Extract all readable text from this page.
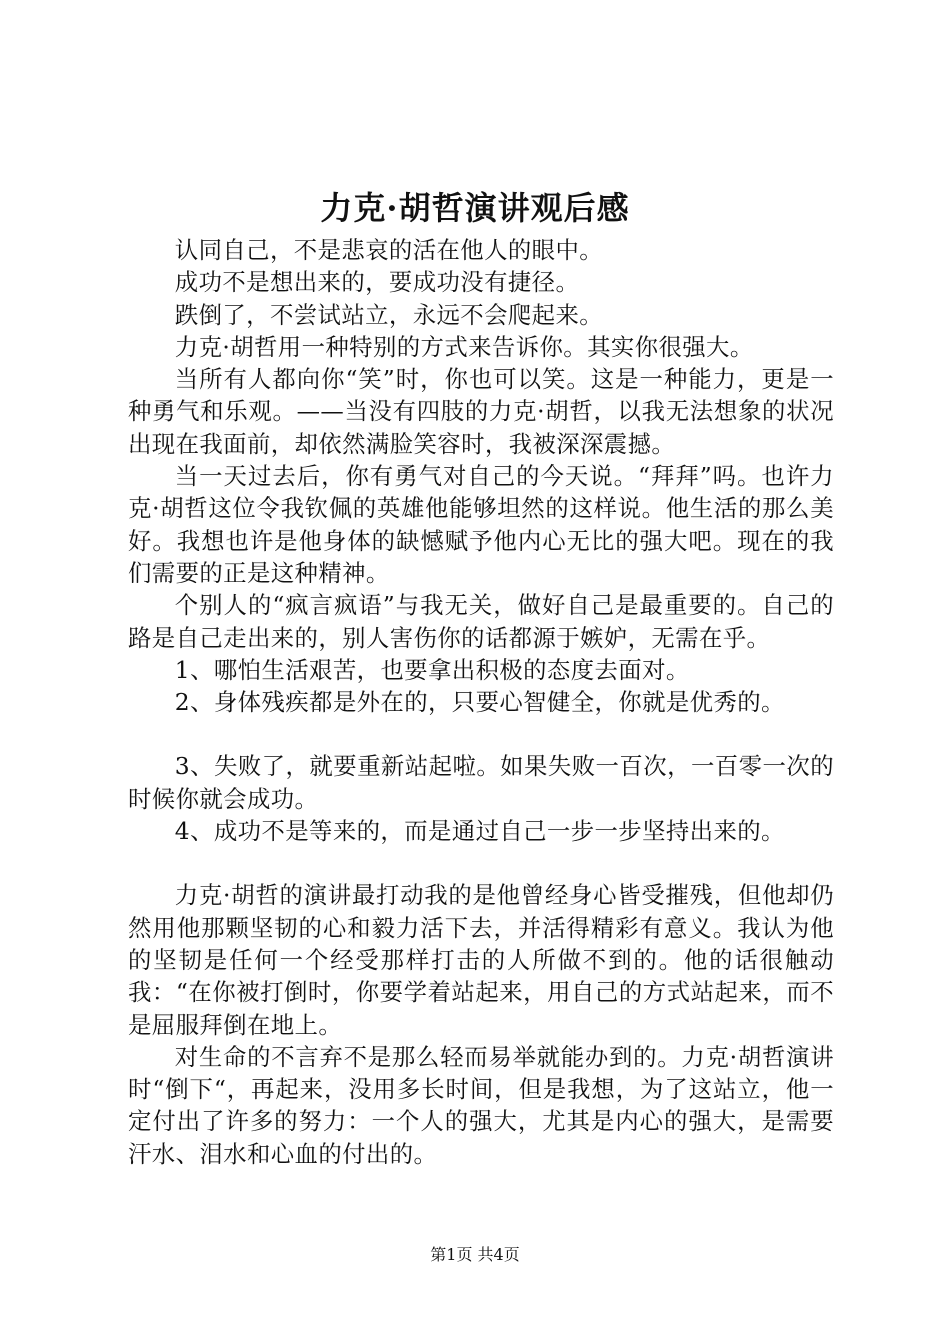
力克·胡哲演讲观后感

认同自己，不是悲哀的活在他人的眼中。

成功不是想出来的，要成功没有捷径。

跌倒了，不尝试站立，永远不会爬起来。

力克·胡哲用一种特别的方式来告诉你。其实你很强大。

当所有人都向你“笑”时，你也可以笑。这是一种能力，更是一种勇气和乐观。——当没有四肢的力克·胡哲，以我无法想象的状况出现在我面前，却依然满脸笑容时，我被深深震撼。

当一天过去后，你有勇气对自己的今天说。“拜拜”吗。也许力克·胡哲这位令我钦佩的英雄他能够坦然的这样说。他生活的那么美好。我想也许是他身体的缺憾赋予他内心无比的强大吧。现在的我们需要的正是这种精神。

个别人的“疯言疯语”与我无关，做好自己是最重要的。自己的路是自己走出来的，别人害伤你的话都源于嫉妒，无需在乎。

1、哪怕生活艰苦，也要拿出积极的态度去面对。

2、身体残疾都是外在的，只要心智健全，你就是优秀的。

3、失败了，就要重新站起啦。如果失败一百次，一百零一次的时候你就会成功。

4、成功不是等来的，而是通过自己一步一步坚持出来的。

力克·胡哲的演讲最打动我的是他曾经身心皆受摧残，但他却仍然用他那颗坚韧的心和毅力活下去，并活得精彩有意义。我认为他的坚韧是任何一个经受那样打击的人所做不到的。他的话很触动我：“在你被打倒时，你要学着站起来，用自己的方式站起来，而不是屈服拜倒在地上。

对生命的不言弃不是那么轻而易举就能办到的。力克·胡哲演讲时“倒下“，再起来，没用多长时间，但是我想，为了这站立，他一定付出了许多的努力：一个人的强大，尤其是内心的强大，是需要汗水、泪水和心血的付出的。

第1页 共4页
